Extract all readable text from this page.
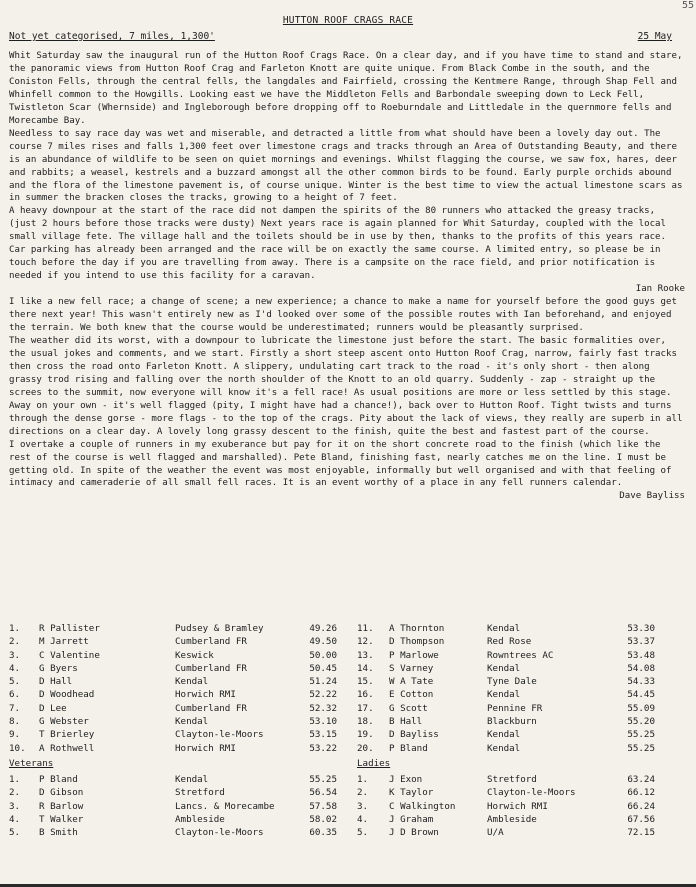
55
HUTTON ROOF CRAGS RACE
Not yet categorised, 7 miles, 1,300'	25 May

Whit Saturday saw the inaugural run of the Hutton Roof Crags Race. On a clear day, and if you have time to stand and stare, the panoramic views from Hutton Roof Crag and Farleton Knott are quite unique. From Black Combe in the south, and the Coniston Fells, through the central fells, the langdales and Fairfield, crossing the Kentmere Range, through Shap Fell and Whinfell common to the Howgills. Looking east we have the Middleton Fells and Barbondale sweeping down to Leck Fell, Twistleton Scar (Whernside) and Ingleborough before dropping off to Roeburndale and Littledale in the quernmore fells and Morecambe Bay.

Needless to say race day was wet and miserable, and detracted a little from what should have been a lovely day out. The course 7 miles rises and falls 1,300 feet over limestone crags and tracks through an Area of Outstanding Beauty, and there is an abundance of wildlife to be seen on quiet mornings and evenings. Whilst flagging the course, we saw fox, hares, deer and rabbits; a weasel, kestrels and a buzzard amongst all the other common birds to be found. Early purple orchids abound and the flora of the limestone pavement is, of course unique. Winter is the best time to view the actual limestone scars as in summer the bracken closes the tracks, growing to a height of 7 feet.

A heavy downpour at the start of the race did not dampen the spirits of the 80 runners who attacked the greasy tracks, (just 2 hours before those tracks were dusty) Next years race is again planned for Whit Saturday, coupled with the local small village fete. The village hall and the toilets should be in use by then, thanks to the profits of this years race. Car parking has already been arranged and the race will be on exactly the same course. A limited entry, so please be in touch before the day if you are travelling from away. There is a campsite on the race field, and prior notification is needed if you intend to use this facility for a caravan.

Ian Rooke

I like a new fell race; a change of scene; a new experience; a chance to make a name for yourself before the good guys get there next year! This wasn't entirely new as I'd looked over some of the possible routes with Ian beforehand, and enjoyed the terrain. We both knew that the course would be underestimated; runners would be pleasantly surprised.

The weather did its worst, with a downpour to lubricate the limestone just before the start. The basic formalities over, the usual jokes and comments, and we start. Firstly a short steep ascent onto Hutton Roof Crag, narrow, fairly fast tracks then cross the road onto Farleton Knott. A slippery, undulating cart track to the road - it's only short - then along grassy trod rising and falling over the north shoulder of the Knott to an old quarry. Suddenly - zap - straight up the screes to the summit, now everyone will know it's a fell race! As usual positions are more or less settled by this stage. Away on your own - it's well flagged (pity, I might have had a chance!), back over to Hutton Roof. Tight twists and turns through the dense gorse - more flags - to the top of the crags. Pity about the lack of views, they really are superb in all directions on a clear day. A lovely long grassy descent to the finish, quite the best and fastest part of the course.

I overtake a couple of runners in my exuberance but pay for it on the short concrete road to the finish (which like the rest of the course is well flagged and marshalled). Pete Bland, finishing fast, nearly catches me on the line. I must be getting old. In spite of the weather the event was most enjoyable, informally but well organised and with that feeling of intimacy and cameraderie of all small fell races. It is an event worthy of a place in any fell runners calendar.

Dave Bayliss

1.	R Pallister	Pudsey & Bramley	49.26		11.	A Thornton	Kendal	53.30
2.	M Jarrett	Cumberland FR	49.50		12.	D Thompson	Red Rose	53.37
3.	C Valentine	Keswick	50.00		13.	P Marlowe	Rowntrees AC	53.48
4.	G Byers	Cumberland FR	50.45		14.	S Varney	Kendal	54.08
5.	D Hall	Kendal	51.24		15.	W A Tate	Tyne Dale	54.33
6.	D Woodhead	Horwich RMI	52.22		16.	E Cotton	Kendal	54.45
7.	D Lee	Cumberland FR	52.32		17.	G Scott	Pennine FR	55.09
8.	G Webster	Kendal	53.10		18.	B Hall	Blackburn	55.20
9.	T Brierley	Clayton-le-Moors	53.15		19.	D Bayliss	Kendal	55.25
10.	A Rothwell	Horwich RMI	53.22		20.	P Bland	Kendal	55.25
Veterans					Ladies			
1.	P Bland	Kendal	55.25		1.	J Exon	Stretford	63.24
2.	D Gibson	Stretford	56.54		2.	K Taylor	Clayton-le-Moors	66.12
3.	R Barlow	Lancs. & Morecambe	57.58		3.	C Walkington	Horwich RMI	66.24
4.	T Walker	Ambleside	58.02		4.	J Graham	Ambleside	67.56
5.	B Smith	Clayton-le-Moors	60.35		5.	J D Brown	U/A	72.15
